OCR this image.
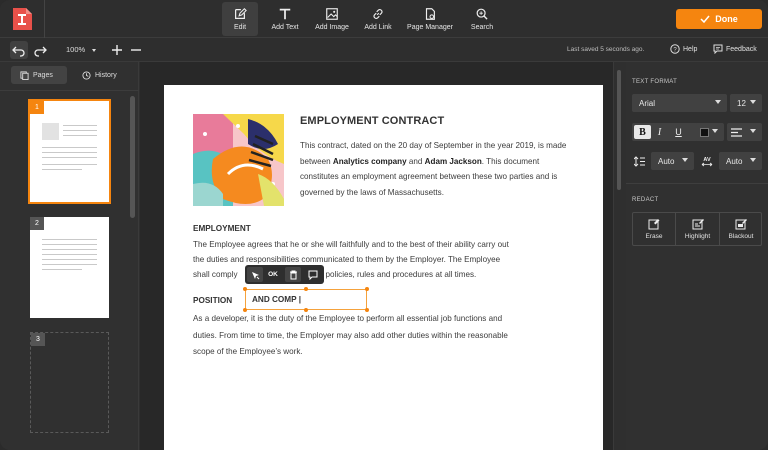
Edit	Add Text Add Image Add Link Page Manager	Search
Done
100%	Last saved 5 seconds ago.	? Help	Feedback
Pages	History
1
2
3
EMPLOYMENT CONTRACT
This contract, dated on the 20 day of September in the year 2019, is made between Analytics company and Adam Jackson. This document constitutes an employment agreement between these two parties and is governed by the laws of Massachusetts.
EMPLOYMENT
The Employee agrees that he or she will faithfully and to the best of their ability carry out
the duties and responsibilities communicated to them by the Employer. The Employee
shall comply	policies, rules and procedures at all times.
POSITION
As a developer, it is the duty of the Employee to perform all essential job functions and
duties. From time to time, the Employer may also add other duties within the reasonable
scope of the Employee’s work.
OK
AND COMP |
TEXT FORMAT
Arial	12
B	I	U
Auto	AV Auto
REDACT
Erase	Highlight	Blackout
